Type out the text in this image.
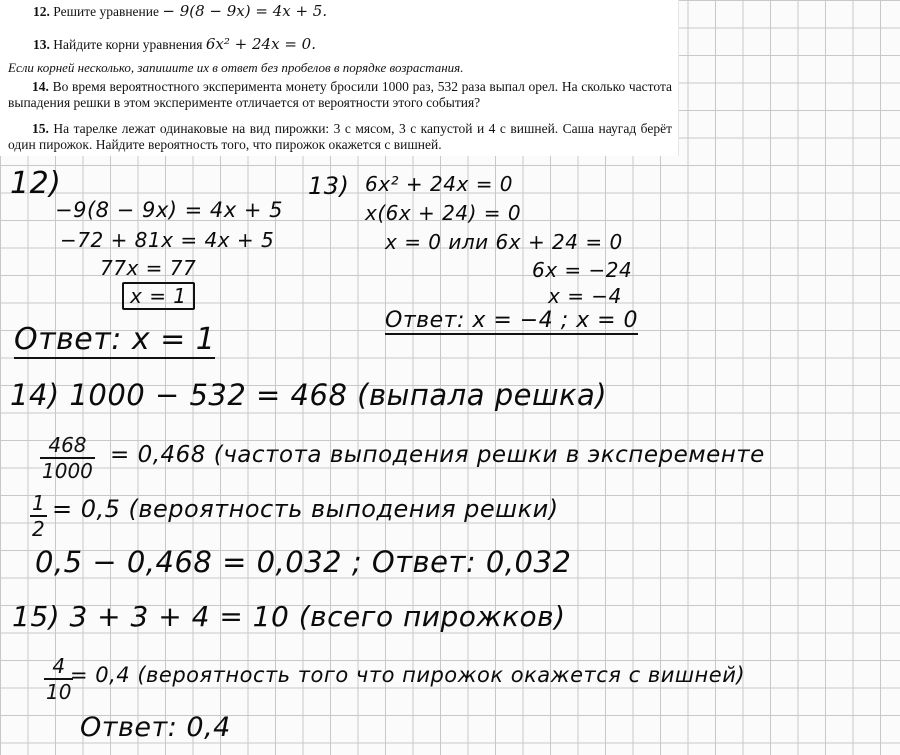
12. Решите уравнение − 9(8 − 9x) = 4x + 5.

13. Найдите корни уравнения 6x² + 24x = 0.

Если корней несколько, запишите их в ответ без пробелов в порядке возрастания.

14. Во время вероятностного эксперимента монету бросили 1000 раз, 532 раза выпал орел. На сколько частота выпадения решки в этом эксперименте отличается от вероятности этого события?

15. На тарелке лежат одинаковые на вид пирожки: 3 с мясом, 3 с капустой и 4 с вишней. Саша наугад берёт один пирожок. Найдите вероятность того, что пирожок окажется с вишней.

12)

−9(8 − 9x) = 4x + 5

−72 + 81x = 4x + 5

77x = 77

x = 1

Ответ: x = 1

13) 6x² + 24x = 0

x(6x + 24) = 0

x = 0 или 6x + 24 = 0

6x = −24

x = −4

Ответ: x = −4 ; x = 0

14) 1000 − 532 = 468 (выпала решка)

$\frac{468}{1000} = 0,468$ (частота выподения решки в эксперементе

$\frac{1}{2} = 0,5$ (вероятность выподения решки)

0,5 − 0,468 = 0,032 ; Ответ: 0,032

15) 3 + 3 + 4 = 10 (всего пирожков)

$\frac{4}{10}$

= 0,4 (вероятность того что пирожок окажется с вишней)

Ответ: 0,4
